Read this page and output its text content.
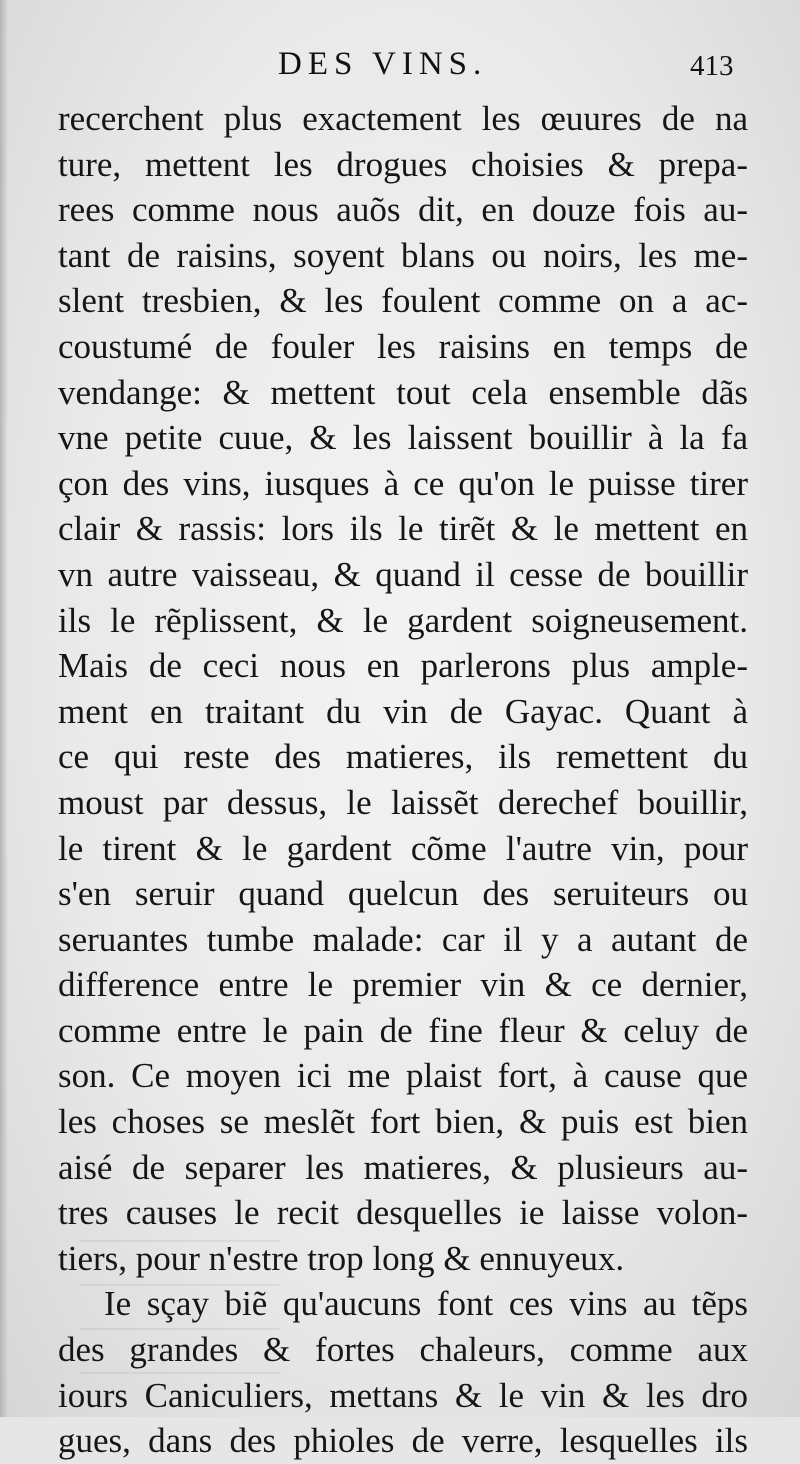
DES VINS.	413
recerchent plus exactement les œuures de na
ture, mettent les drogues choisies & prepa-
rees comme nous auõs dit, en douze fois au-
tant de raisins, soyent blans ou noirs, les me-
slent tresbien, & les foulent comme on a ac-
coustumé de fouler les raisins en temps de
vendange: & mettent tout cela ensemble dãs
vne petite cuue, & les laissent bouillir à la fa
çon des vins, iusques à ce qu'on le puisse tirer
clair & rassis: lors ils le tirẽt & le mettent en
vn autre vaisseau, & quand il cesse de bouillir
ils le rẽplissent, & le gardent soigneusement.
Mais de ceci nous en parlerons plus ample-
ment en traitant du vin de Gayac. Quant à
ce qui reste des matieres, ils remettent du
moust par dessus, le laissẽt derechef bouillir,
le tirent & le gardent cõme l'autre vin, pour
s'en seruir quand quelcun des seruiteurs ou
seruantes tumbe malade: car il y a autant de
difference entre le premier vin & ce dernier,
comme entre le pain de fine fleur & celuy de
son. Ce moyen ici me plaist fort, à cause que
les choses se meslẽt fort bien, & puis est bien
aisé de separer les matieres, & plusieurs au-
tres causes le recit desquelles ie laisse volon-
tiers, pour n'estre trop long & ennuyeux.
Ie sçay biẽ qu'aucuns font ces vins au tẽps
des grandes & fortes chaleurs, comme aux
iours Caniculiers, mettans & le vin & les dro
gues, dans des phioles de verre, lesquelles ils
